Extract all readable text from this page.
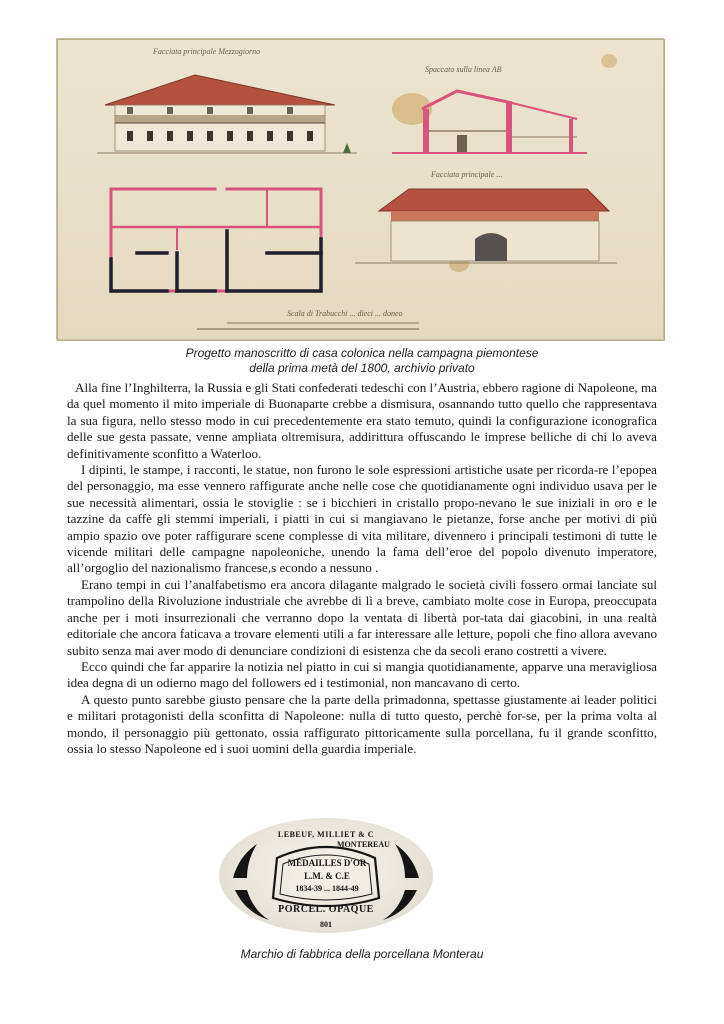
Facciata principale Mezzogiorno
Spaccato sulla linea AB
Facciata principale ...
Scala di Trabucchi ... dieci ... doneo
Progetto manoscritto di casa colonica nella campagna piemontese
della prima metà del 1800, archivio privato

Alla fine l’Inghilterra, la Russia e gli Stati confederati tedeschi con l’Austria, ebbero ragione di Napoleone, ma da quel momento il mito imperiale di Buonaparte crebbe a dismisura, osannando tutto quello che rappresentava la sua figura, nello stesso modo in cui precedentemente era stato temuto, quindi la configurazione iconografica delle sue gesta passate, venne ampliata oltremisura, addirittura offuscando le imprese belliche di chi lo aveva definitivamente sconfitto a Waterloo.

I dipinti, le stampe, i racconti, le statue, non furono le sole espressioni artistiche usate per ricorda-re l’epopea del personaggio, ma esse vennero raffigurate anche nelle cose che quotidianamente ogni individuo usava per le sue necessità alimentari, ossia le stoviglie : se i bicchieri in cristallo propo-nevano le sue iniziali in oro e le tazzine da caffè gli stemmi imperiali, i piatti in cui si mangiavano le pietanze, forse anche per motivi di più ampio spazio ove poter raffigurare scene complesse di vita militare, divennero i principali testimoni di tutte le vicende militari delle campagne napoleoniche, unendo la fama dell’eroe del popolo divenuto imperatore, all’orgoglio del nazionalismo francese,s econdo a nessuno .

Erano tempi in cui l’analfabetismo era ancora dilagante malgrado le società civili fossero ormai lanciate sul trampolino della Rivoluzione industriale che avrebbe di lì a breve, cambiato molte cose in Europa, preoccupata anche per i moti insurrezionali che verranno dopo la ventata di libertà por-tata dai giacobini, in una realtà editoriale che ancora faticava a trovare elementi utili a far interessare alle letture, popoli che fino allora avevano subito senza mai aver modo di denunciare condizioni di esistenza che da secoli erano costretti a vivere.

Ecco quindi che far apparire la notizia nel piatto in cui si mangia quotidianamente, apparve una meravigliosa idea degna di un odierno mago del followers ed i testimonial, non mancavano di certo.

A questo punto sarebbe giusto pensare che la parte della primadonna, spettasse giustamente ai leader politici e militari protagonisti della sconfitta di Napoleone: nulla di tutto questo, perchè for-se, per la prima volta al mondo, il personaggio più gettonato, ossia raffigurato pittoricamente sulla porcellana, fu il grande sconfitto, ossia lo stesso Napoleone ed i suoi uomini della guardia imperiale.

LEBEUF, MILLIET & C
MONTEREAU
MÉDAILLES D'OR
L.M. & C.E
1834-39 ... 1844-49
PORCEL. OPAQUE
801
Marchio di fabbrica della porcellana Monterau
